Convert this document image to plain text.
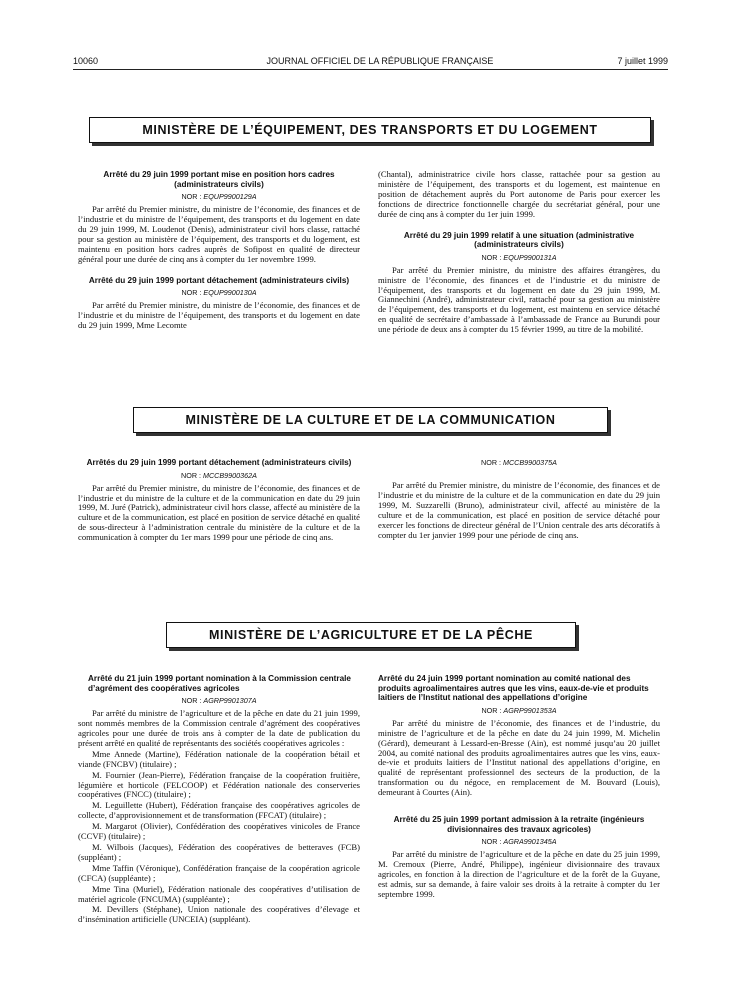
10060	JOURNAL OFFICIEL DE LA RÉPUBLIQUE FRANÇAISE	7 juillet 1999
MINISTÈRE DE L’ÉQUIPEMENT, DES TRANSPORTS ET DU LOGEMENT
Arrêté du 29 juin 1999 portant mise en position hors cadres (administrateurs civils)
NOR : EQUP9900129A

Par arrêté du Premier ministre, du ministre de l’économie, des finances et de l’industrie et du ministre de l’équipement, des transports et du logement en date du 29 juin 1999, M. Loudenot (Denis), administrateur civil hors classe, rattaché pour sa gestion au ministère de l’équipement, des transports et du logement, est maintenu en position hors cadres auprès de Sofipost en qualité de directeur général pour une durée de cinq ans à compter du 1er novembre 1999.

Arrêté du 29 juin 1999 portant détachement (administrateurs civils)
NOR : EQUP9900130A

Par arrêté du Premier ministre, du ministre de l’économie, des finances et de l’industrie et du ministre de l’équipement, des transports et du logement en date du 29 juin 1999, Mme Lecomte

(Chantal), administratrice civile hors classe, rattachée pour sa gestion au ministère de l’équipement, des transports et du logement, est maintenue en position de détachement auprès du Port autonome de Paris pour exercer les fonctions de directrice fonctionnelle chargée du secrétariat général, pour une durée de cinq ans à compter du 1er juin 1999.

Arrêté du 29 juin 1999 relatif à une situation (administrative (administrateurs civils)
NOR : EQUP9900131A

Par arrêté du Premier ministre, du ministre des affaires étrangères, du ministre de l’économie, des finances et de l’industrie et du ministre de l’équipement, des transports et du logement en date du 29 juin 1999, M. Giannechini (André), administrateur civil, rattaché pour sa gestion au ministère de l’équipement, des transports et du logement, est maintenu en service détaché en qualité de secrétaire d’ambassade à l’ambassade de France au Burundi pour une période de deux ans à compter du 15 février 1999, au titre de la mobilité.

MINISTÈRE DE LA CULTURE ET DE LA COMMUNICATION
Arrêtés du 29 juin 1999 portant détachement (administrateurs civils)
NOR : MCCB9900362A

Par arrêté du Premier ministre, du ministre de l’économie, des finances et de l’industrie et du ministre de la culture et de la communication en date du 29 juin 1999, M. Juré (Patrick), administrateur civil hors classe, affecté au ministère de la culture et de la communication, est placé en position de service détaché en qualité de sous-directeur à l’administration centrale du ministère de la culture et de la communication à compter du 1er mars 1999 pour une période de cinq ans.

NOR : MCCB9900375A

Par arrêté du Premier ministre, du ministre de l’économie, des finances et de l’industrie et du ministre de la culture et de la communication en date du 29 juin 1999, M. Suzzarelli (Bruno), administrateur civil, affecté au ministère de la culture et de la communication, est placé en position de service détaché pour exercer les fonctions de directeur général de l’Union centrale des arts décoratifs à compter du 1er janvier 1999 pour une période de cinq ans.

MINISTÈRE DE L’AGRICULTURE ET DE LA PÊCHE
Arrêté du 21 juin 1999 portant nomination à la Commission centrale d’agrément des coopératives agricoles
NOR : AGRP9901307A

Par arrêté du ministre de l’agriculture et de la pêche en date du 21 juin 1999, sont nommés membres de la Commission centrale d’agrément des coopératives agricoles pour une durée de trois ans à compter de la date de publication du présent arrêté en qualité de représentants des sociétés coopératives agricoles :

Mme Annede (Martine), Fédération nationale de la coopération bétail et viande (FNCBV) (titulaire) ;

M. Fournier (Jean-Pierre), Fédération française de la coopération fruitière, légumière et horticole (FELCOOP) et Fédération nationale des conserveries coopératives (FNCC) (titulaire) ;

M. Leguillette (Hubert), Fédération française des coopératives agricoles de collecte, d’approvisionnement et de transformation (FFCAT) (titulaire) ;

M. Margarot (Olivier), Confédération des coopératives vinicoles de France (CCVF) (titulaire) ;

M. Wilbois (Jacques), Fédération des coopératives de betteraves (FCB) (suppléant) ;

Mme Taffin (Véronique), Confédération française de la coopération agricole (CFCA) (suppléante) ;

Mme Tina (Muriel), Fédération nationale des coopératives d’utilisation de matériel agricole (FNCUMA) (suppléante) ;

M. Devillers (Stéphane), Union nationale des coopératives d’élevage et d’insémination artificielle (UNCEIA) (suppléant).

Arrêté du 24 juin 1999 portant nomination au comité national des produits agroalimentaires autres que les vins, eaux-de-vie et produits laitiers de l’Institut national des appellations d’origine
NOR : AGRP9901353A

Par arrêté du ministre de l’économie, des finances et de l’industrie, du ministre de l’agriculture et de la pêche en date du 24 juin 1999, M. Michelin (Gérard), demeurant à Lessard-en-Bresse (Ain), est nommé jusqu’au 20 juillet 2004, au comité national des produits agroalimentaires autres que les vins, eaux-de-vie et produits laitiers de l’Institut national des appellations d’origine, en qualité de représentant professionnel des secteurs de la production, de la transformation ou du négoce, en remplacement de M. Bouvard (Louis), demeurant à Courtes (Ain).

Arrêté du 25 juin 1999 portant admission à la retraite (ingénieurs divisionnaires des travaux agricoles)
NOR : AGRA9901345A

Par arrêté du ministre de l’agriculture et de la pêche en date du 25 juin 1999, M. Cremoux (Pierre, André, Philippe), ingénieur divisionnaire des travaux agricoles, en fonction à la direction de l’agriculture et de la forêt de la Guyane, est admis, sur sa demande, à faire valoir ses droits à la retraite à compter du 1er septembre 1999.
